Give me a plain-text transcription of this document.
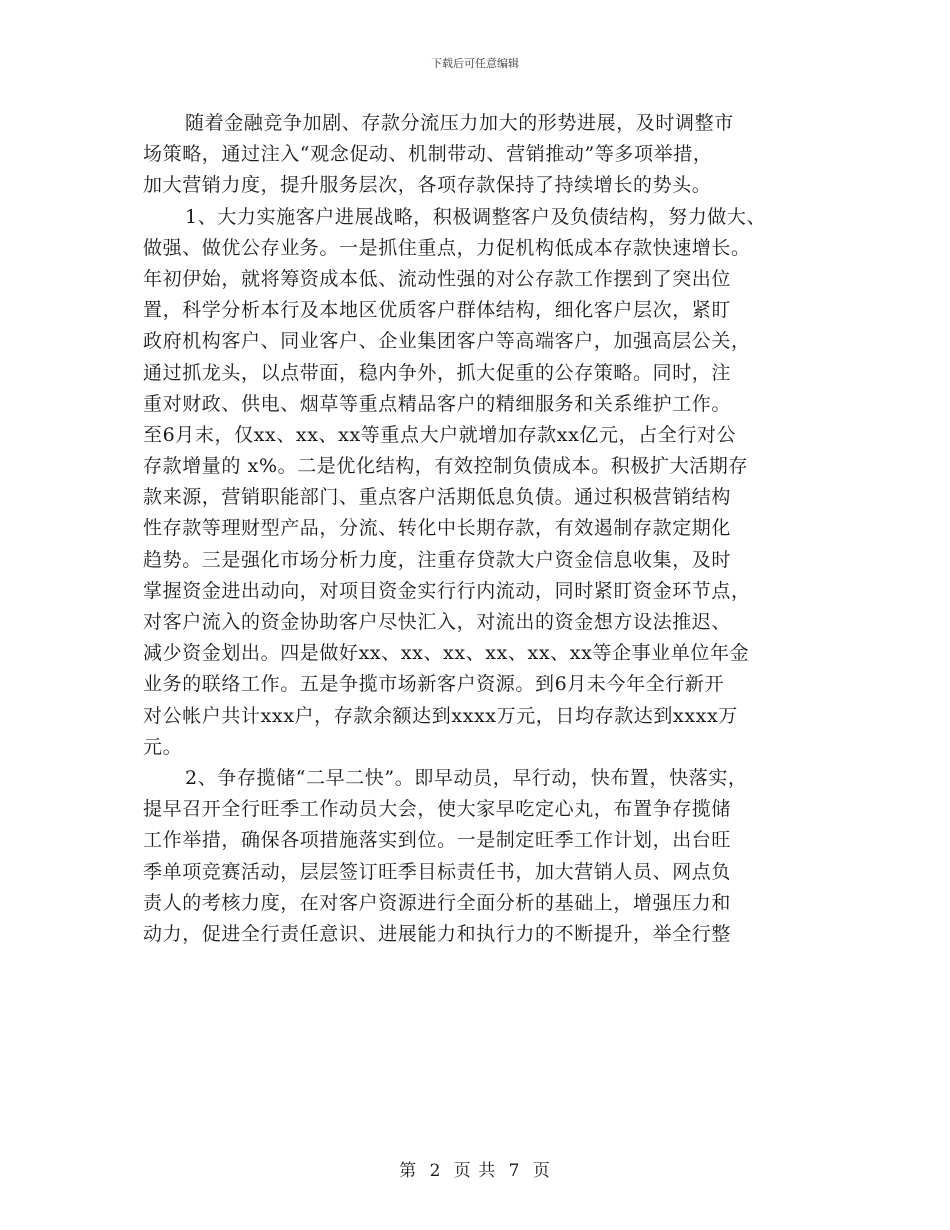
下载后可任意编辑
随着金融竞争加剧、存款分流压力加大的形势进展，及时调整市
场策略，通过注入“观念促动、机制带动、营销推动”等多项举措，
加大营销力度，提升服务层次，各项存款保持了持续增长的势头。
1、大力实施客户进展战略，积极调整客户及负债结构，努力做大、
做强、做优公存业务。一是抓住重点，力促机构低成本存款快速增长。
年初伊始，就将筹资成本低、流动性强的对公存款工作摆到了突出位
置，科学分析本行及本地区优质客户群体结构，细化客户层次，紧盯
政府机构客户、同业客户、企业集团客户等高端客户，加强高层公关，
通过抓龙头，以点带面，稳内争外，抓大促重的公存策略。同时，注
重对财政、供电、烟草等重点精品客户的精细服务和关系维护工作。
至6月末，仅xx、xx、xx等重点大户就增加存款xx亿元，占全行对公
存款增量的 x%。二是优化结构，有效控制负债成本。积极扩大活期存
款来源，营销职能部门、重点客户活期低息负债。通过积极营销结构
性存款等理财型产品，分流、转化中长期存款，有效遏制存款定期化
趋势。三是强化市场分析力度，注重存贷款大户资金信息收集，及时
掌握资金进出动向，对项目资金实行行内流动，同时紧盯资金环节点，
对客户流入的资金协助客户尽快汇入，对流出的资金想方设法推迟、
减少资金划出。四是做好xx、xx、xx、xx、xx、xx等企事业单位年金
业务的联络工作。五是争揽市场新客户资源。到6月未今年全行新开
对公帐户共计xxx户，存款余额达到xxxx万元，日均存款达到xxxx万
元。
2、争存揽储“二早二快”。即早动员，早行动，快布置，快落实，
提早召开全行旺季工作动员大会，使大家早吃定心丸，布置争存揽储
工作举措，确保各项措施落实到位。一是制定旺季工作计划，出台旺
季单项竞赛活动，层层签订旺季目标责任书，加大营销人员、网点负
责人的考核力度，在对客户资源进行全面分析的基础上，增强压力和
动力，促进全行责任意识、进展能力和执行力的不断提升，举全行整
第 2 页 共 7 页
